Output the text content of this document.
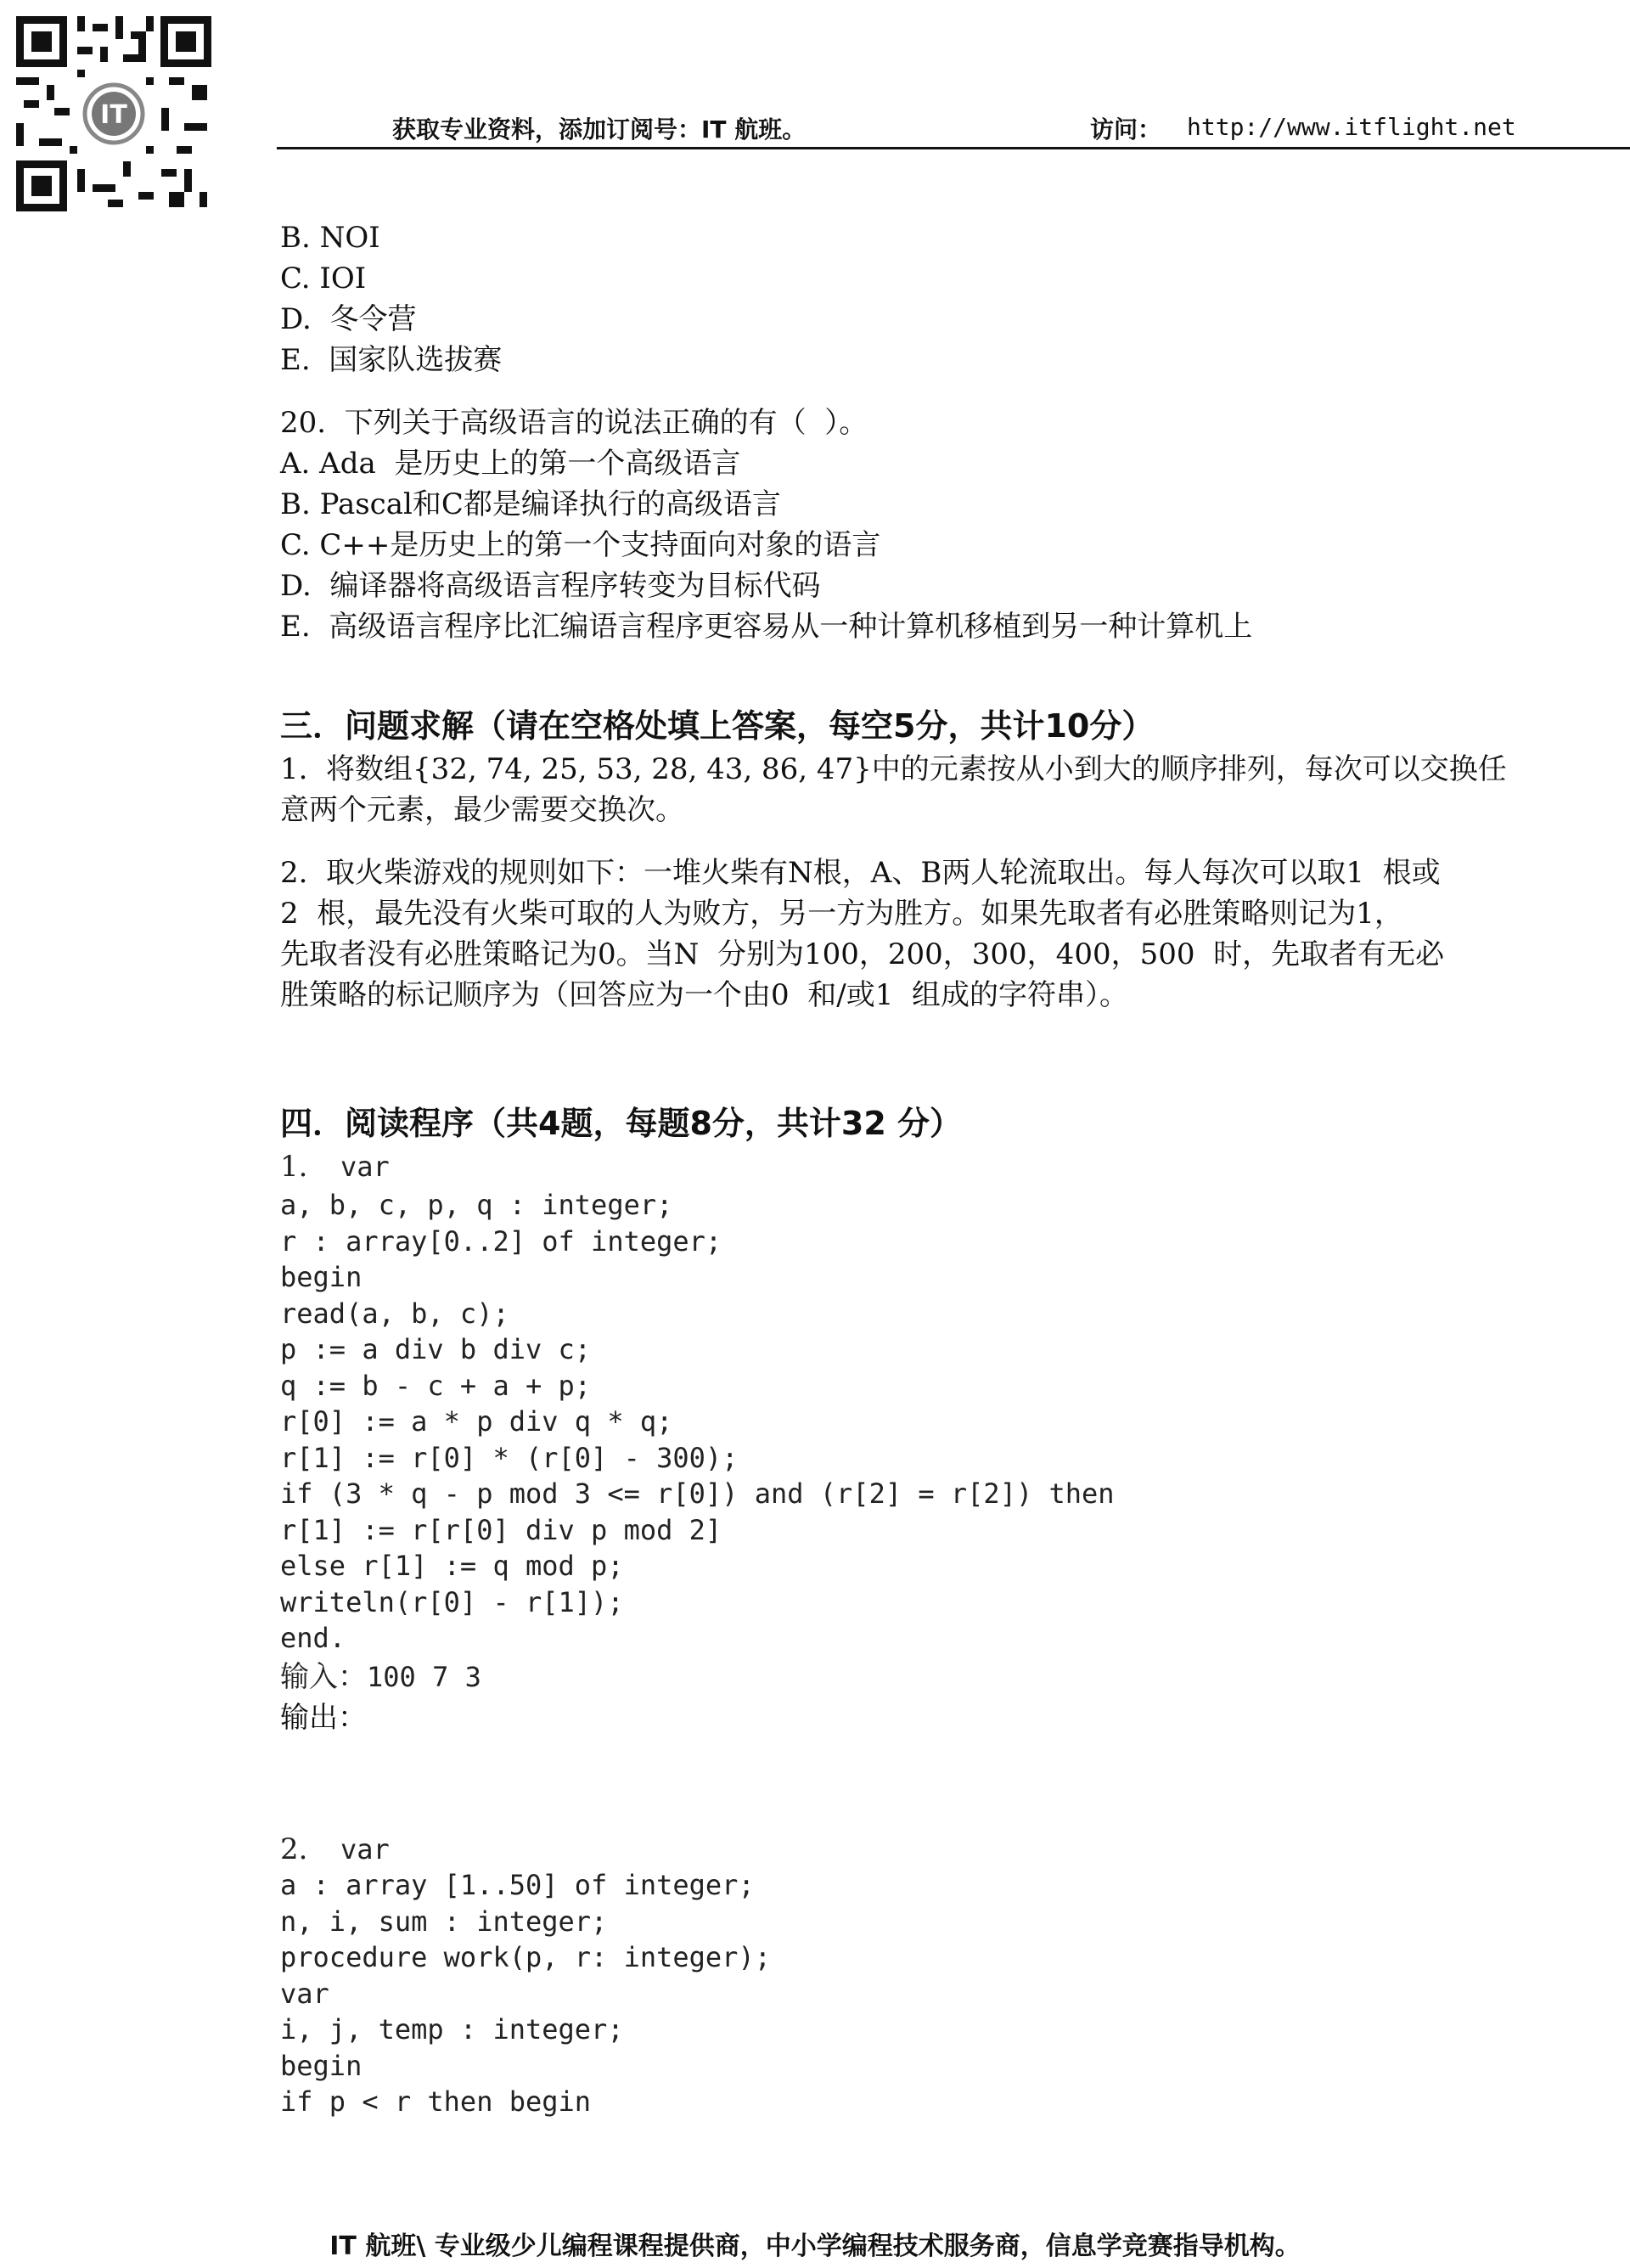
IT	获取专业资料，添加订阅号：IT 航班。	访问： http://www.itflight.net

B. NOI

C. IOI

D.  冬令营

E.  国家队选拔赛

20.  下列关于高级语言的说法正确的有（  ）。

A. Ada  是历史上的第一个高级语言

B. Pascal和C都是编译执行的高级语言

C. C++是历史上的第一个支持面向对象的语言

D.  编译器将高级语言程序转变为目标代码

E.  高级语言程序比汇编语言程序更容易从一种计算机移植到另一种计算机上

三．问题求解（请在空格处填上答案，每空5分，共计10分）

1.  将数组{32, 74, 25, 53, 28, 43, 86, 47}中的元素按从小到大的顺序排列，每次可以交换任

意两个元素，最少需要交换次。

2.  取火柴游戏的规则如下：一堆火柴有N根，A、B两人轮流取出。每人每次可以取1  根或

2  根，最先没有火柴可取的人为败方，另一方为胜方。如果先取者有必胜策略则记为1，

先取者没有必胜策略记为0。当N  分别为100，200，300，400，500  时，先取者有无必

胜策略的标记顺序为（回答应为一个由0  和/或1  组成的字符串）。

四．阅读程序（共4题，每题8分，共计32 分）

1.  var

a, b, c, p, q : integer;

r : array[0..2] of integer;

begin

read(a, b, c);

p := a div b div c;

q := b - c + a + p;

r[0] := a * p div q * q;

r[1] := r[0] * (r[0] - 300);

if (3 * q - p mod 3 <= r[0]) and (r[2] = r[2]) then

r[1] := r[r[0] div p mod 2]

else r[1] := q mod p;

writeln(r[0] - r[1]);

end.

输入：100 7 3

输出：

2.  var

a : array [1..50] of integer;

n, i, sum : integer;

procedure work(p, r: integer);

var

i, j, temp : integer;

begin

if p < r then begin

IT 航班\ 专业级少儿编程课程提供商，中小学编程技术服务商，信息学竞赛指导机构。
